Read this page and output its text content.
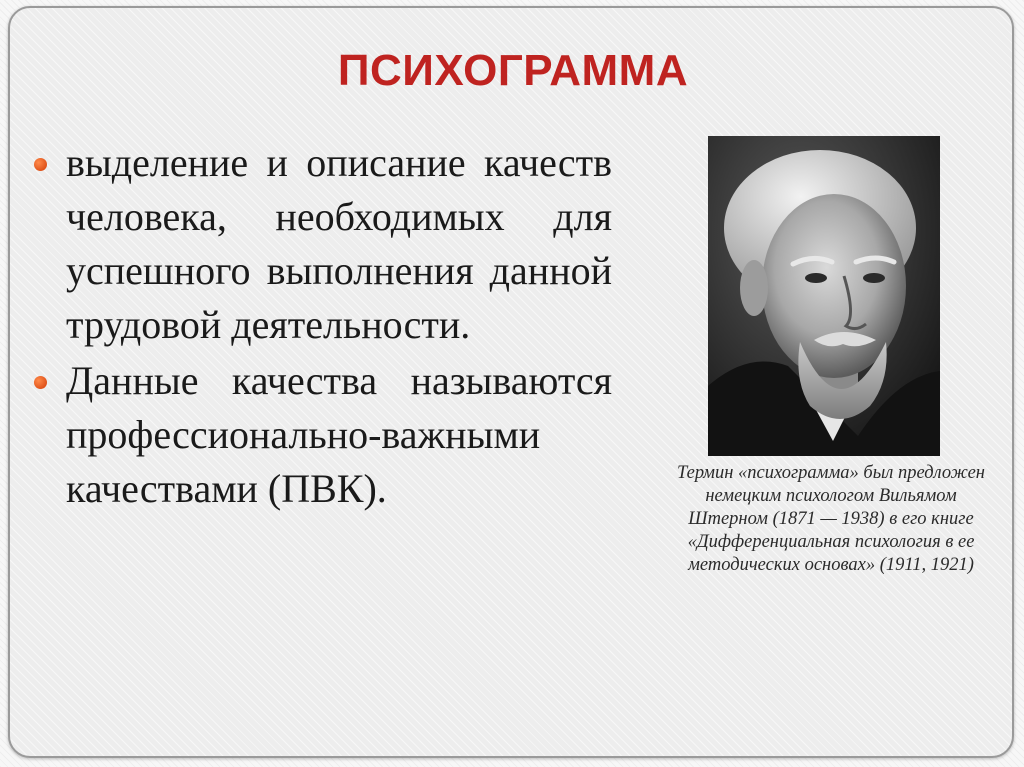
ПСИХОГРАММА
выделение и описание качеств человека, необходимых для успешного выполнения данной трудовой деятельности.
Данные качества называются профессионально-важными качествами (ПВК).	Термин «психограмма» был предложен немецким психологом Вильямом Штерном (1871 — 1938) в его книге «Дифференциальная психология в ее методических основах» (1911, 1921)
